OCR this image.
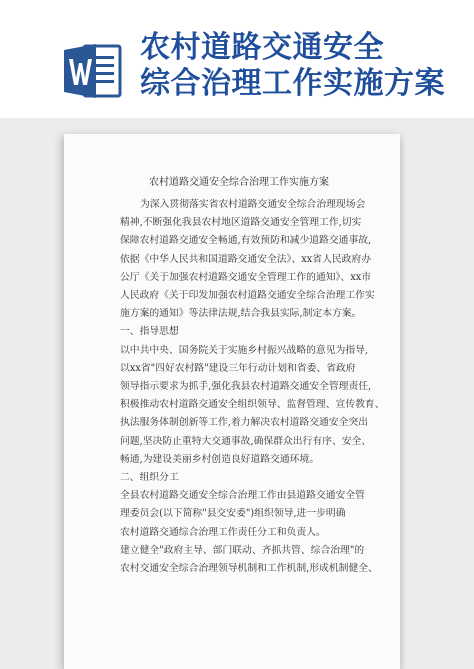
农村道路交通安全
综合治理工作实施方案
农村道路交通安全综合治理工作实施方案
为深入贯彻落实省农村道路交通安全综合治理现场会
精神,不断强化我县农村地区道路交通安全管理工作,切实
保障农村道路交通安全畅通,有效预防和减少道路交通事故,
依据《中华人民共和国道路交通安全法》、xx省人民政府办
公厅《关于加强农村道路交通安全管理工作的通知》、xx市
人民政府《关于印发加强农村道路交通安全综合治理工作实
施方案的通知》等法律法规,结合我县实际,制定本方案。
一、指导思想
以中共中央、国务院关于实施乡村振兴战略的意见为指导,
以xx省"四好农村路"建设三年行动计划和省委、省政府
领导指示要求为抓手,强化我县农村道路交通安全管理责任,
积极推动农村道路交通安全组织领导、监督管理、宣传教育、
执法服务体制创新等工作,着力解决农村道路交通安全突出
问题,坚决防止重特大交通事故,确保群众出行有序、安全、
畅通,为建设美丽乡村创造良好道路交通环境。
二、组织分工
全县农村道路交通安全综合治理工作由县道路交通安全管
理委员会(以下简称"县交安委")组织领导,进一步明确
农村道路交通综合治理工作责任分工和负责人。
建立健全"政府主导、部门联动、齐抓共管、综合治理"的
农村交通安全综合治理领导机制和工作机制,形成机制健全、
